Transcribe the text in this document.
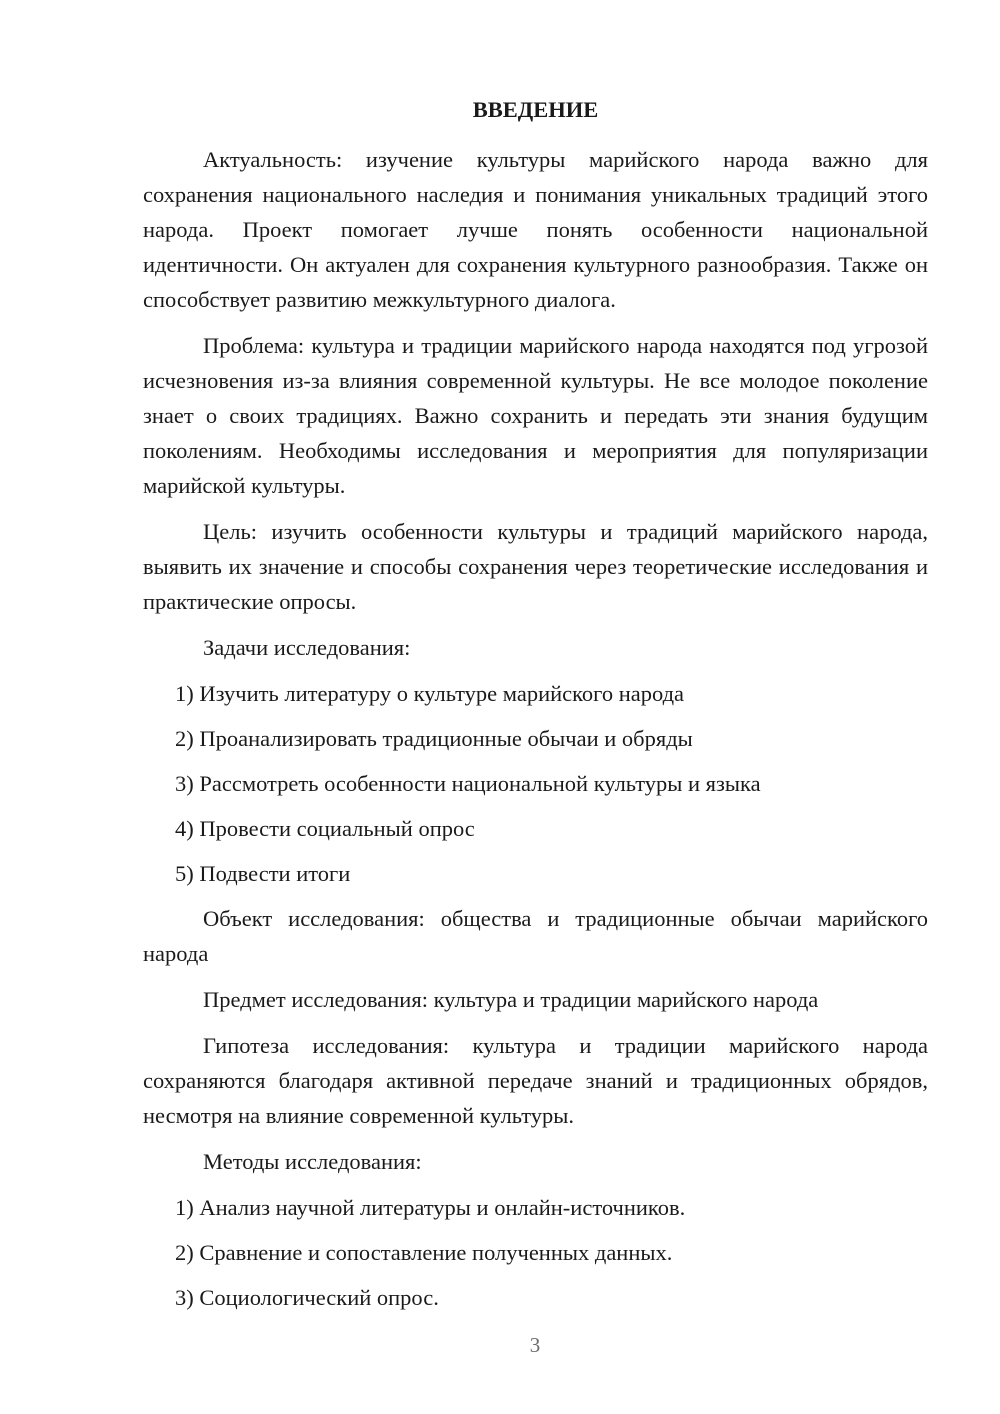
ВВЕДЕНИЕ

Актуальность: изучение культуры марийского народа важно для сохранения национального наследия и понимания уникальных традиций этого народа. Проект помогает лучше понять особенности национальной идентичности. Он актуален для сохранения культурного разнообразия. Также он способствует развитию межкультурного диалога.

Проблема: культура и традиции марийского народа находятся под угрозой исчезновения из-за влияния современной культуры. Не все молодое поколение знает о своих традициях. Важно сохранить и передать эти знания будущим поколениям. Необходимы исследования и мероприятия для популяризации марийской культуры.

Цель: изучить особенности культуры и традиций марийского народа, выявить их значение и способы сохранения через теоретические исследования и практические опросы.

Задачи исследования:

1) Изучить литературу о культуре марийского народа

2) Проанализировать традиционные обычаи и обряды

3) Рассмотреть особенности национальной культуры и языка

4) Провести социальный опрос

5) Подвести итоги

Объект исследования: общества и традиционные обычаи марийского народа

Предмет исследования: культура и традиции марийского народа

Гипотеза исследования: культура и традиции марийского народа сохраняются благодаря активной передаче знаний и традиционных обрядов, несмотря на влияние современной культуры.

Методы исследования:

1) Анализ научной литературы и онлайн-источников.

2) Сравнение и сопоставление полученных данных.

3) Социологический опрос.

3
